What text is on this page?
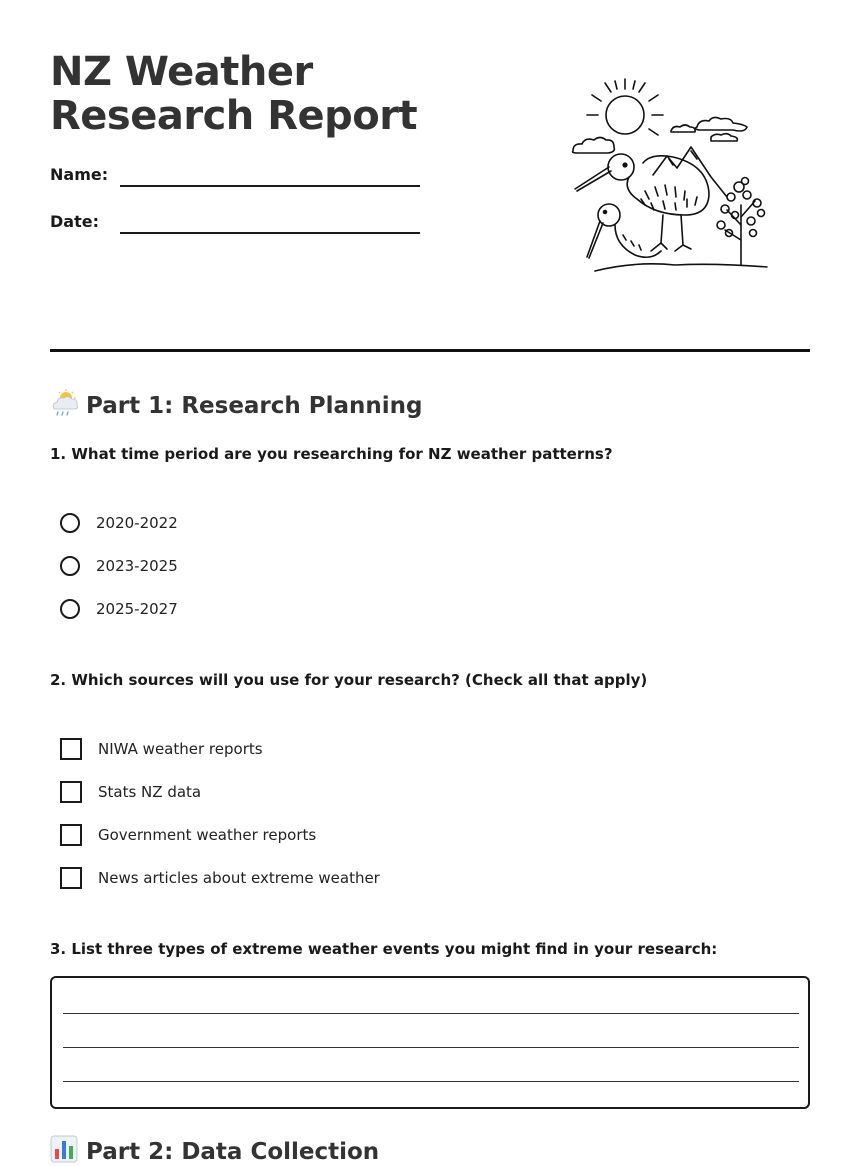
NZ Weather Research Report
Name:
Date:
Part 1: Research Planning

1. What time period are you researching for NZ weather patterns?

2020-2022
2023-2025
2025-2027

2. Which sources will you use for your research? (Check all that apply)

NIWA weather reports
Stats NZ data
Government weather reports
News articles about extreme weather

3. List three types of extreme weather events you might find in your research:

Part 2: Data Collection
